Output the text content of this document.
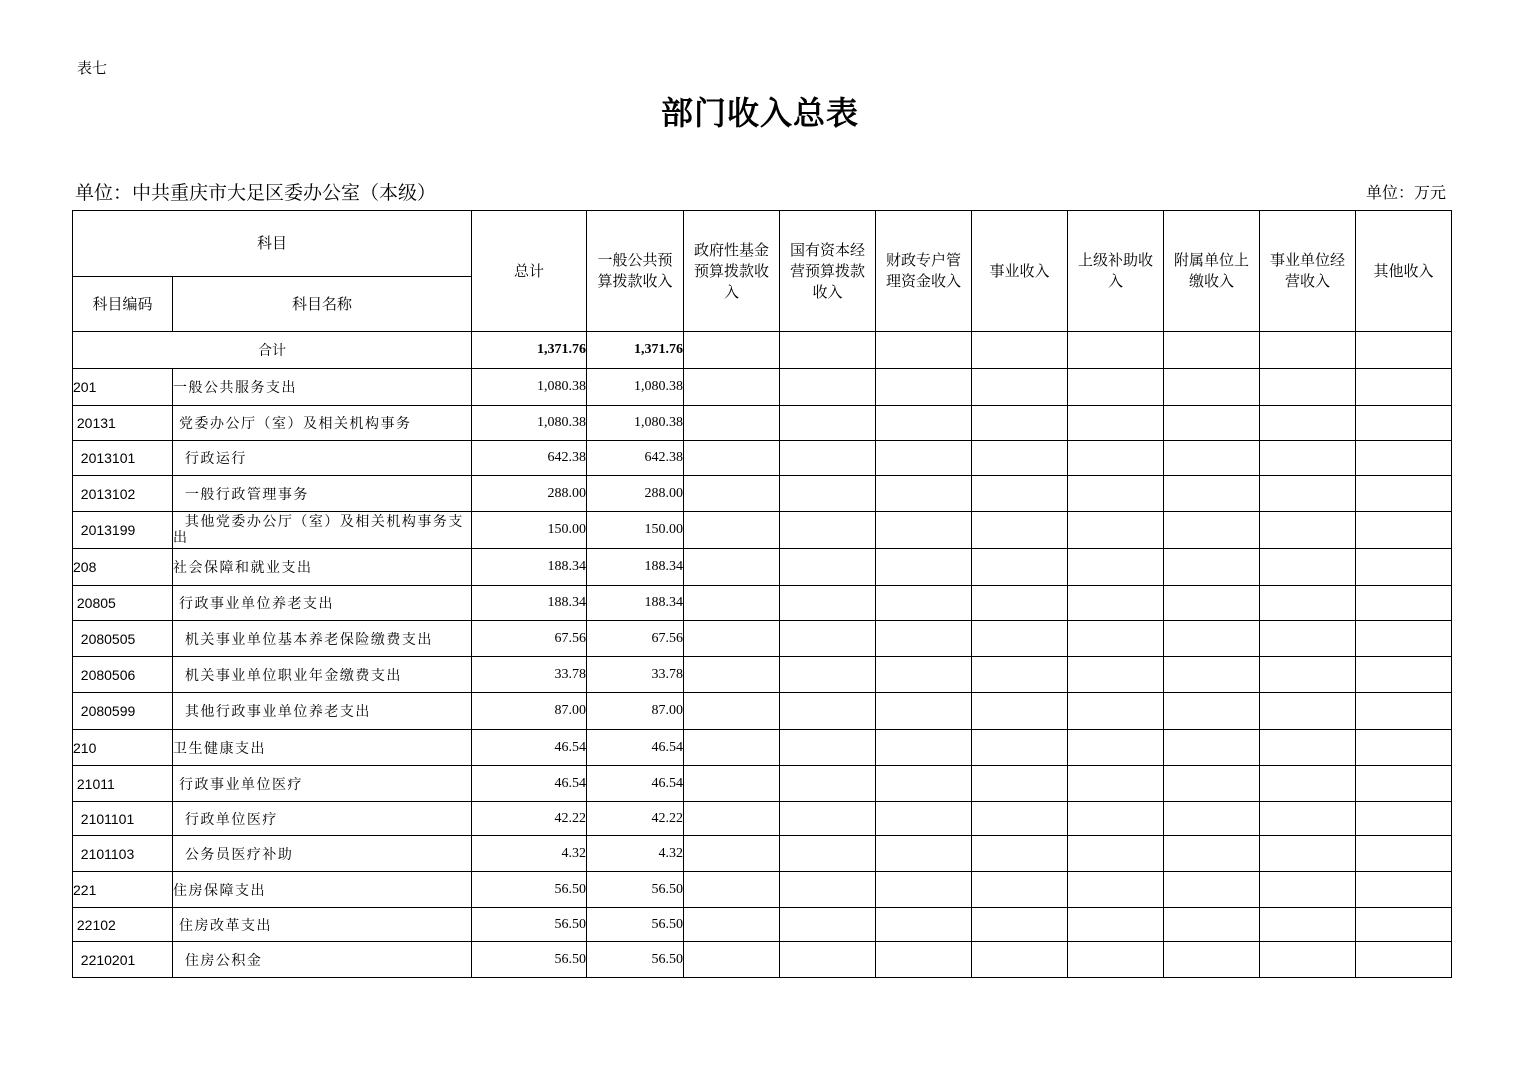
表七
部门收入总表
单位：中共重庆市大足区委办公室（本级）	单位：万元
科目		总计	一般公共预算拨款收入	政府性基金预算拨款收入	国有资本经营预算拨款收入	财政专户管理资金收入	事业收入	上级补助收入	附属单位上缴收入	事业单位经营收入	其他收入

科目编码	科目名称										
合计		1,371.76	1,371.76								
201	一般公共服务支出	1,080.38	1,080.38								
20131	党委办公厅（室）及相关机构事务	1,080.38	1,080.38								
2013101	行政运行	642.38	642.38								
2013102	一般行政管理事务	288.00	288.00								
2013199	其他党委办公厅（室）及相关机构事务支出	150.00	150.00								
208	社会保障和就业支出	188.34	188.34								
20805	行政事业单位养老支出	188.34	188.34								
2080505	机关事业单位基本养老保险缴费支出	67.56	67.56								
2080506	机关事业单位职业年金缴费支出	33.78	33.78								
2080599	其他行政事业单位养老支出	87.00	87.00								
210	卫生健康支出	46.54	46.54								
21011	行政事业单位医疗	46.54	46.54								
2101101	行政单位医疗	42.22	42.22								
2101103	公务员医疗补助	4.32	4.32								
221	住房保障支出	56.50	56.50								
22102	住房改革支出	56.50	56.50								
2210201	住房公积金	56.50	56.50								
